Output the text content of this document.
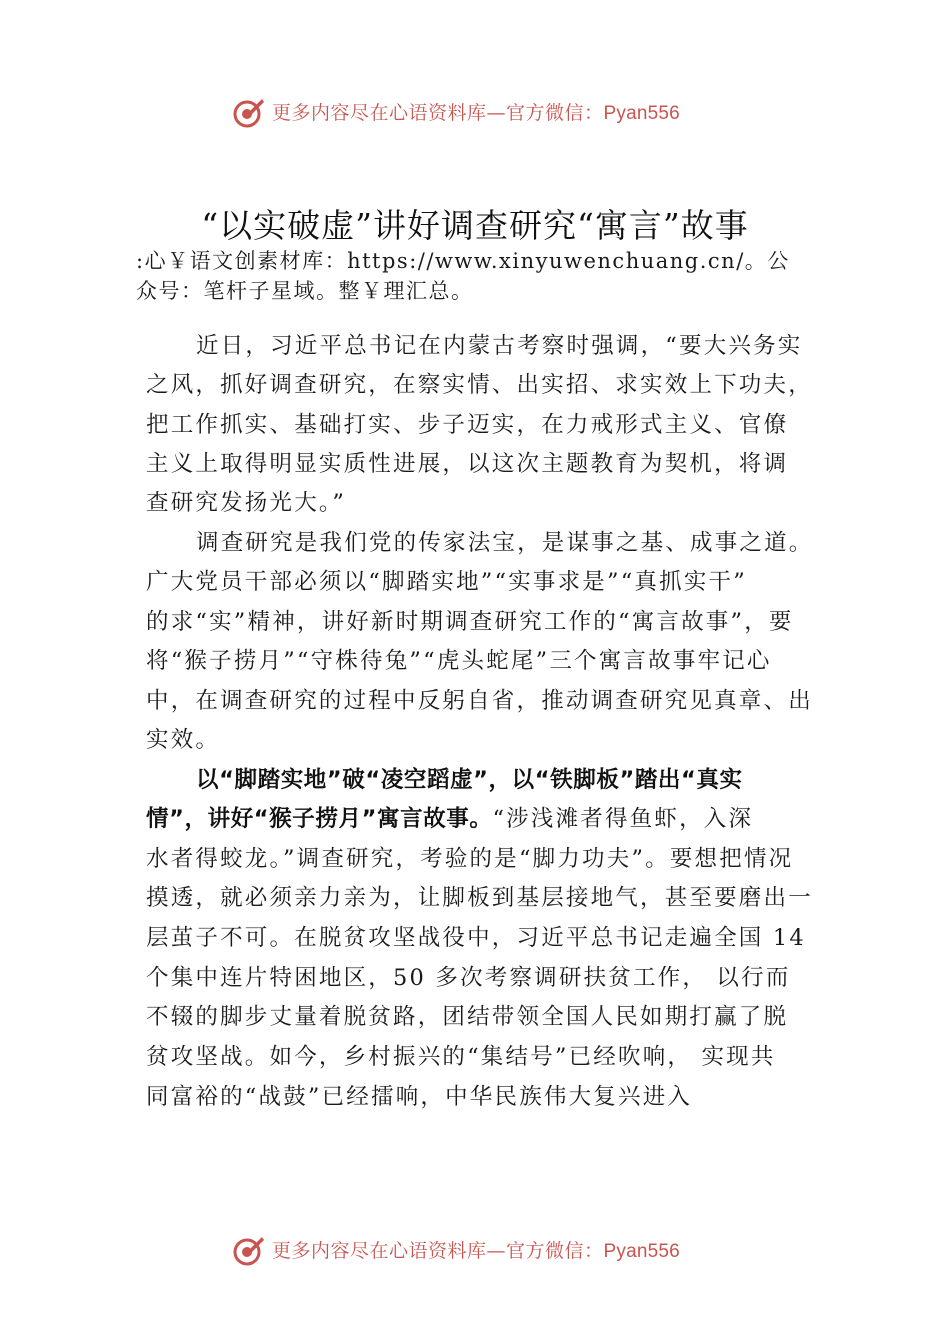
更多内容尽在心语资料库—官方微信：Pyan556
“以实破虚”讲好调查研究“寓言”故事
:心￥语文创素材库：https://www.xinyuwenchuang.cn/。公
众号：笔杆子星域。整￥理汇总。
近日，习近平总书记在内蒙古考察时强调，“要大兴务实
之风，抓好调查研究，在察实情、出实招、求实效上下功夫，
把工作抓实、基础打实、步子迈实，在力戒形式主义、官僚
主义上取得明显实质性进展，以这次主题教育为契机，将调
查研究发扬光大。”
调查研究是我们党的传家法宝，是谋事之基、成事之道。
广大党员干部必须以“脚踏实地”“实事求是”“真抓实干”
的求“实”精神，讲好新时期调查研究工作的“寓言故事”，要
将“猴子捞月”“守株待兔”“虎头蛇尾”三个寓言故事牢记心
中，在调查研究的过程中反躬自省，推动调查研究见真章、出
实效。
以“脚踏实地”破“凌空蹈虚”，以“铁脚板”踏出“真实
情”，讲好“猴子捞月”寓言故事。“涉浅滩者得鱼虾，入深
水者得蛟龙。”调查研究，考验的是“脚力功夫”。要想把情况
摸透，就必须亲力亲为，让脚板到基层接地气，甚至要磨出一
层茧子不可。在脱贫攻坚战役中，习近平总书记走遍全国 14
个集中连片特困地区，50 多次考察调研扶贫工作， 以行而
不辍的脚步丈量着脱贫路，团结带领全国人民如期打赢了脱
贫攻坚战。如今，乡村振兴的“集结号”已经吹响， 实现共
同富裕的“战鼓”已经擂响，中华民族伟大复兴进入
更多内容尽在心语资料库—官方微信：Pyan556
